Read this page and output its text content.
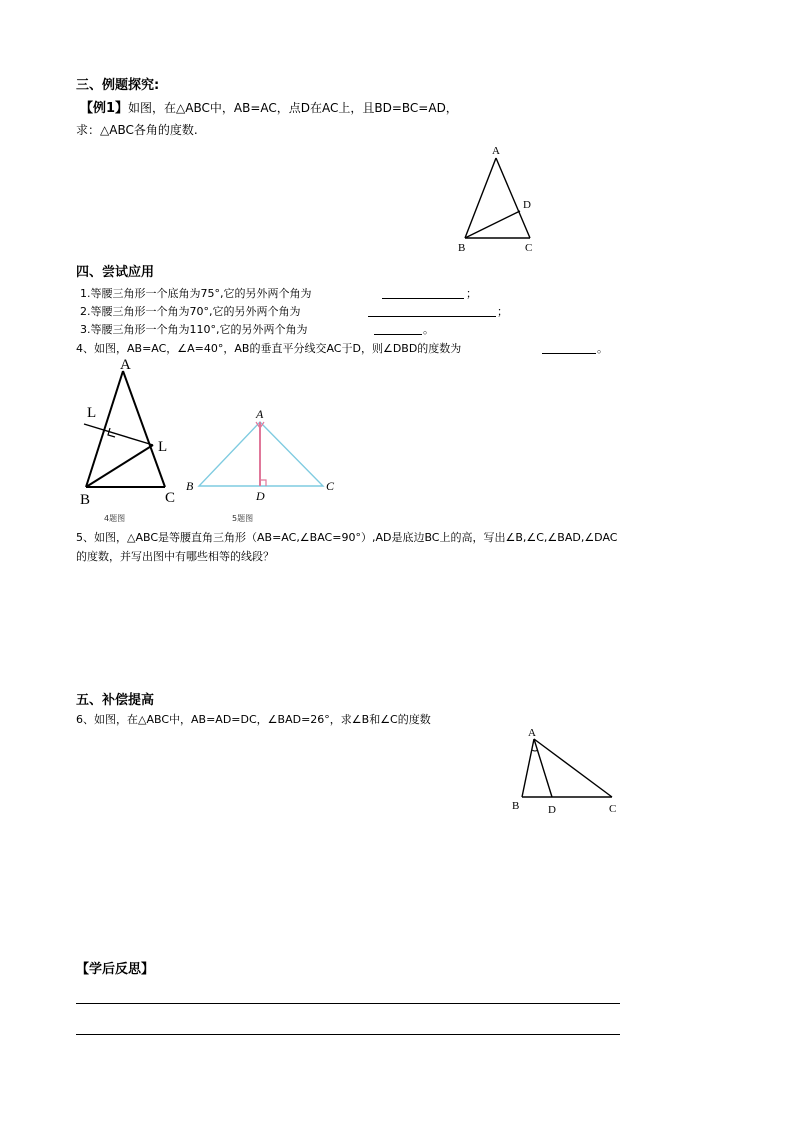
三、例题探究:
【例1】如图，在△ABC中，AB=AC，点D在AC上，且BD=BC=AD，
求：△ABC各角的度数.
A
B	C
D
四、尝试应用
1.等腰三角形一个底角为75°,它的另外两个角为	；
2.等腰三角形一个角为70°,它的另外两个角为	；
3.等腰三角形一个角为110°,它的另外两个角为	。
4、如图，AB=AC，∠A=40°，AB的垂直平分线交AC于D，则∠DBD的度数为	。
A
B	C
L
L
A
B	C
D
4题图	5题图
5、如图，△ABC是等腰直角三角形（AB=AC,∠BAC=90°）,AD是底边BC上的高，写出∠B,∠C,∠BAD,∠DAC
的度数，并写出图中有哪些相等的线段？
五、补偿提高
6、如图，在△ABC中，AB=AD=DC，∠BAD=26°，求∠B和∠C的度数
A
B	D	C
【学后反思】
